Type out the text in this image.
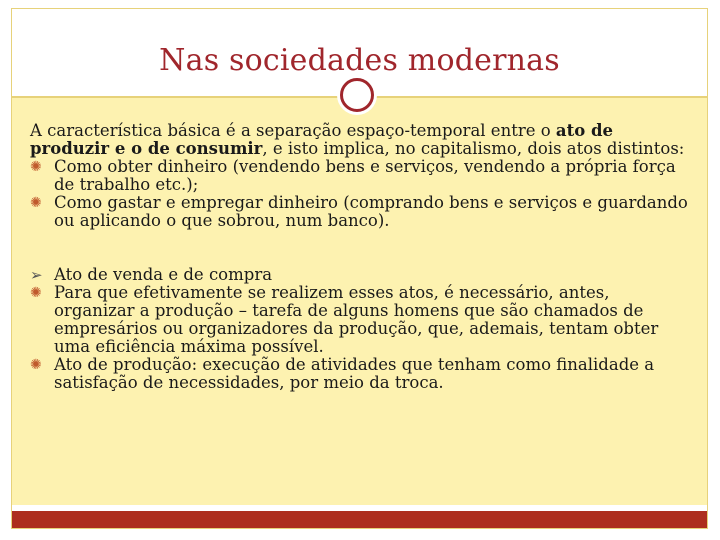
Nas sociedades modernas

A característica básica é a separação espaço-temporal entre o ato de produzir e o de consumir, e isto implica, no capitalismo, dois atos distintos:

✺ Como obter dinheiro (vendendo bens e serviços, vendendo a própria força de trabalho etc.);
✺ Como gastar e empregar dinheiro (comprando bens e serviços e guardando ou aplicando o que sobrou, num banco).
➢ Ato de venda e de compra
✺ Para que efetivamente se realizem esses atos, é necessário, antes, organizar a produção – tarefa de alguns homens que são chamados de empresários ou organizadores da produção, que, ademais, tentam obter uma eficiência máxima possível.
✺ Ato de produção: execução de atividades que tenham como finalidade a satisfação de necessidades, por meio da troca.
